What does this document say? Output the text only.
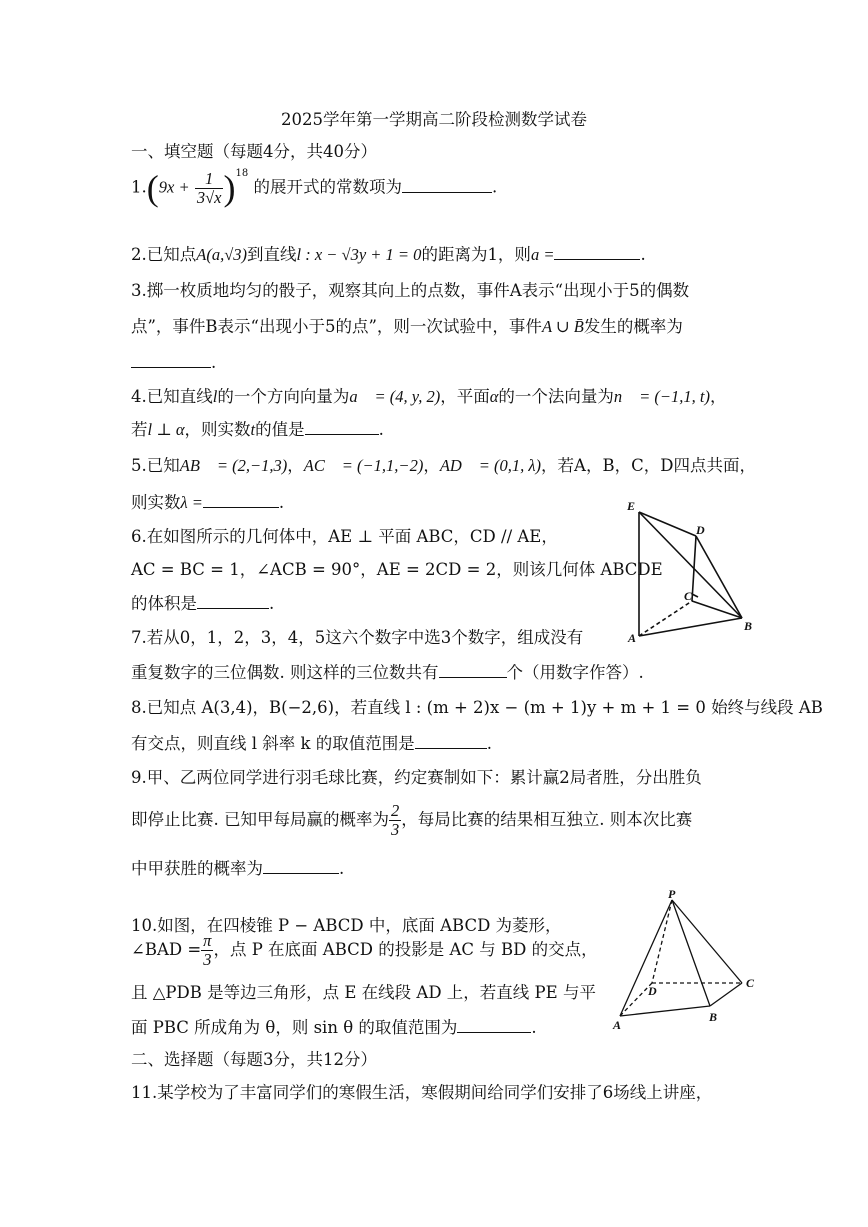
2025学年第一学期高二阶段检测数学试卷
一、填空题（每题4分，共40分）
$1.(9x + \frac{1}{3√x} )^{18}$ 的展开式的常数项为	.
2.已知点A(a,√3)到直线l : x − √3y + 1 = 0的距离为1，则a =	.
3.掷一枚质地均匀的骰子，观察其向上的点数，事件A表示“出现小于5的偶数
点”，事件B表示“出现小于5的点”，则一次试验中，事件A ∪ B̄发生的概率为
.
4.已知直线l的一个方向向量为a⃗ = (4, y, 2)，平面α的一个法向量为n⃗ = (−1,1, t)，
若l ⊥ α，则实数t的值是	.
5.已知AB⃗ = (2,−1,3)，AC⃗ = (−1,1,−2)，AD⃗ = (0,1, λ)，若A，B，C，D四点共面，
则实数λ =	.
6.在如图所示的几何体中，AE ⊥ 平面 ABC，CD // AE，
AC = BC = 1，∠ACB = 90°，AE = 2CD = 2，则该几何体 ABCDE
的体积是	.
E
D
C
A
B
7.若从0，1，2，3，4，5这六个数字中选3个数字，组成没有
重复数字的三位偶数. 则这样的三位数共有	个（用数字作答）.
8.已知点 A(3,4)，B(−2,6)，若直线 l : (m + 2)x − (m + 1)y + m + 1 = 0 始终与线段 AB
有交点，则直线 l 斜率 k 的取值范围是	.
9.甲、乙两位同学进行羽毛球比赛，约定赛制如下：累计赢2局者胜，分出胜负
即停止比赛. 已知甲每局赢的概率为 $\frac{2}{3}$ ，每局比赛的结果相互独立. 则本次比赛
中甲获胜的概率为	.
10.如图，在四棱锥 P − ABCD 中，底面 ABCD 为菱形，
∠BAD = $\frac{\pi}{3}$ ，点 P 在底面 ABCD 的投影是 AC 与 BD 的交点，
且 △PDB 是等边三角形，点 E 在线段 AD 上，若直线 PE 与平
面 PBC 所成角为 θ，则 sin θ 的取值范围为	.
P
D
C
A
B
二、选择题（每题3分，共12分）
11.某学校为了丰富同学们的寒假生活，寒假期间给同学们安排了6场线上讲座，
